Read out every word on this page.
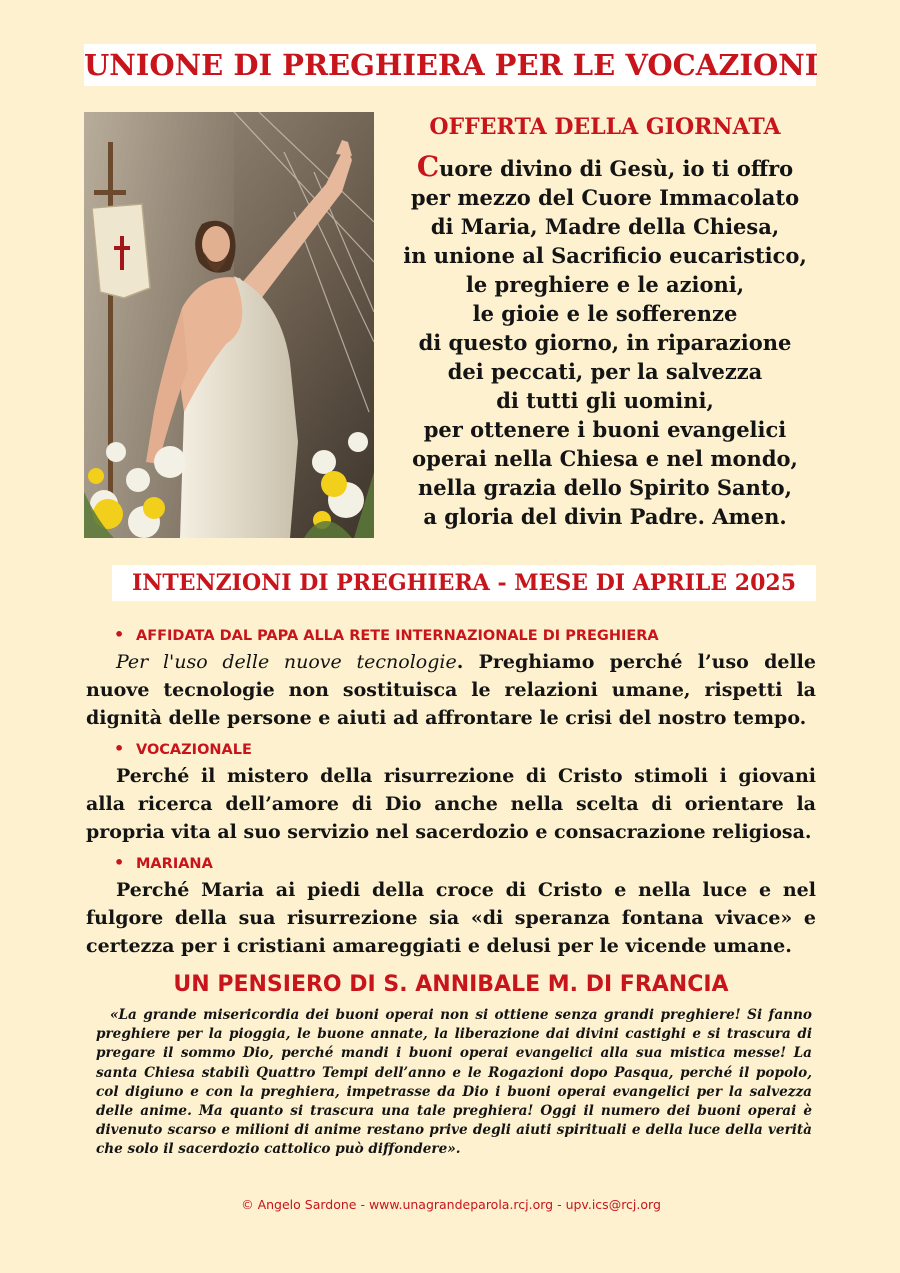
UNIONE DI PREGHIERA PER LE VOCAZIONI
OFFERTA DELLA GIORNATA
Cuore divino di Gesù, io ti offro
per mezzo del Cuore Immacolato
di Maria, Madre della Chiesa,
in unione al Sacrificio eucaristico,
le preghiere e le azioni,
le gioie e le sofferenze
di questo giorno, in riparazione
dei peccati, per la salvezza
di tutti gli uomini,
per ottenere i buoni evangelici
operai nella Chiesa e nel mondo,
nella grazia dello Spirito Santo,
a gloria del divin Padre. Amen.
INTENZIONI DI PREGHIERA - MESE DI APRILE 2025
• AFFIDATA DAL PAPA ALLA RETE INTERNAZIONALE DI PREGHIERA
Per l'uso delle nuove tecnologie. Preghiamo perché l’uso delle nuove tecnologie non sostituisca le relazioni umane, rispetti la dignità delle persone e aiuti ad affrontare le crisi del nostro tempo.
• VOCAZIONALE
Perché il mistero della risurrezione di Cristo stimoli i giovani alla ricerca dell’amore di Dio anche nella scelta di orientare la propria vita al suo servizio nel sacerdozio e consacrazione religiosa.
• MARIANA
Perché Maria ai piedi della croce di Cristo e nella luce e nel fulgore della sua risurrezione sia «di speranza fontana vivace» e certezza per i cristiani amareggiati e delusi per le vicende umane.
UN PENSIERO DI S. ANNIBALE M. DI FRANCIA
«La grande misericordia dei buoni operai non si ottiene senza grandi preghiere! Si fanno preghiere per la pioggia, le buone annate, la liberazione dai divini castighi e si trascura di pregare il sommo Dio, perché mandi i buoni operai evangelici alla sua mistica messe! La santa Chiesa stabilì Quattro Tempi dell’anno e le Rogazioni dopo Pasqua, perché il popolo, col digiuno e con la preghiera, impetrasse da Dio i buoni operai evangelici per la salvezza delle anime. Ma quanto si trascura una tale preghiera! Oggi il numero dei buoni operai è divenuto scarso e milioni di anime restano prive degli aiuti spirituali e della luce della verità che solo il sacerdozio cattolico può diffondere».
© Angelo Sardone - www.unagrandeparola.rcj.org - upv.ics@rcj.org
